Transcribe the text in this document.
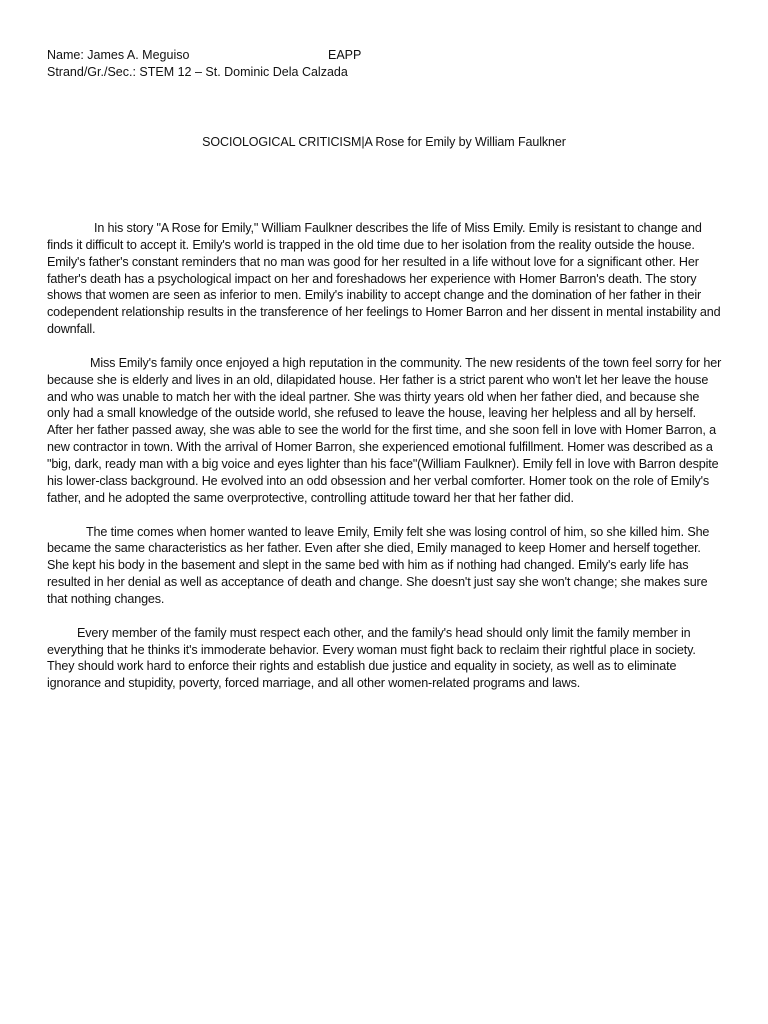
Name: James A. Meguiso	EAPP
Strand/Gr./Sec.: STEM 12 – St. Dominic Dela Calzada
SOCIOLOGICAL CRITICISM|A Rose for Emily by William Faulkner

In his story "A Rose for Emily," William Faulkner describes the life of Miss Emily. Emily is resistant to change and finds it difficult to accept it. Emily's world is trapped in the old time due to her isolation from the reality outside the house. Emily's father's constant reminders that no man was good for her resulted in a life without love for a significant other. Her father's death has a psychological impact on her and foreshadows her experience with Homer Barron's death. The story shows that women are seen as inferior to men. Emily's inability to accept change and the domination of her father in their codependent relationship results in the transference of her feelings to Homer Barron and her dissent in mental instability and downfall.

Miss Emily's family once enjoyed a high reputation in the community. The new residents of the town feel sorry for her because she is elderly and lives in an old, dilapidated house. Her father is a strict parent who won't let her leave the house and who was unable to match her with the ideal partner. She was thirty years old when her father died, and because she only had a small knowledge of the outside world, she refused to leave the house, leaving her helpless and all by herself. After her father passed away, she was able to see the world for the first time, and she soon fell in love with Homer Barron, a new contractor in town. With the arrival of Homer Barron, she experienced emotional fulfillment. Homer was described as a "big, dark, ready man with a big voice and eyes lighter than his face"(William Faulkner). Emily fell in love with Barron despite his lower-class background. He evolved into an odd obsession and her verbal comforter. Homer took on the role of Emily's father, and he adopted the same overprotective, controlling attitude toward her that her father did.

The time comes when homer wanted to leave Emily, Emily felt she was losing control of him, so she killed him. She became the same characteristics as her father. Even after she died, Emily managed to keep Homer and herself together. She kept his body in the basement and slept in the same bed with him as if nothing had changed. Emily's early life has resulted in her denial as well as acceptance of death and change. She doesn't just say she won't change; she makes sure that nothing changes.

Every member of the family must respect each other, and the family's head should only limit the family member in everything that he thinks it's immoderate behavior. Every woman must fight back to reclaim their rightful place in society. They should work hard to enforce their rights and establish due justice and equality in society, as well as to eliminate ignorance and stupidity, poverty, forced marriage, and all other women-related programs and laws.
